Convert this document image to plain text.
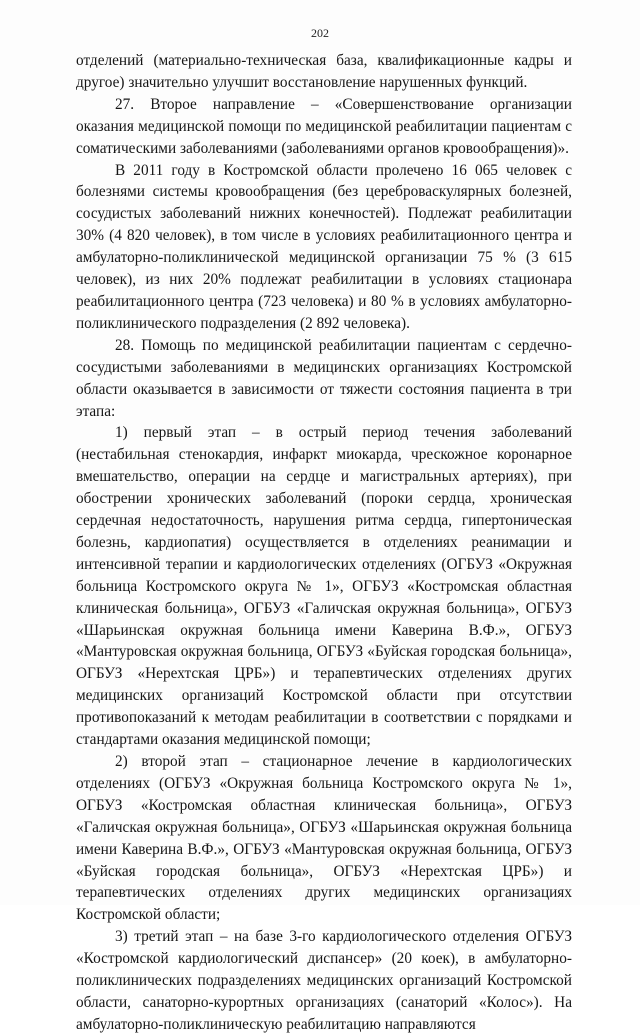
202

отделений (материально-техническая база, квалификационные кадры и другое) значительно улучшит восстановление нарушенных функций.

27. Второе направление – «Совершенствование организации оказания медицинской помощи по медицинской реабилитации пациентам с соматическими заболеваниями (заболеваниями органов кровообращения)».

В 2011 году в Костромской области пролечено 16 065 человек с болезнями системы кровообращения (без цереброваскулярных болезней, сосудистых заболеваний нижних конечностей). Подлежат реабилитации 30% (4 820 человек), в том числе в условиях реабилитационного центра и амбулаторно-поликлинической медицинской организации 75 % (3 615 человек), из них 20% подлежат реабилитации в условиях стационара реабилитационного центра (723 человека) и 80 % в условиях амбулаторно-поликлинического подразделения (2 892 человека).

28. Помощь по медицинской реабилитации пациентам с сердечно-сосудистыми заболеваниями в медицинских организациях Костромской области оказывается в зависимости от тяжести состояния пациента в три этапа:

1) первый этап – в острый период течения заболеваний (нестабильная стенокардия, инфаркт миокарда, чрескожное коронарное вмешательство, операции на сердце и магистральных артериях), при обострении хронических заболеваний (пороки сердца, хроническая сердечная недостаточность, нарушения ритма сердца, гипертоническая болезнь, кардиопатия) осуществляется в отделениях реанимации и интенсивной терапии и кардиологических отделениях (ОГБУЗ «Окружная больница Костромского округа № 1», ОГБУЗ «Костромская областная клиническая больница», ОГБУЗ «Галичская окружная больница», ОГБУЗ «Шарьинская окружная больница имени Каверина В.Ф.», ОГБУЗ «Мантуровская окружная больница, ОГБУЗ «Буйская городская больница», ОГБУЗ «Нерехтская ЦРБ») и терапевтических отделениях других медицинских организаций Костромской области при отсутствии противопоказаний к методам реабилитации в соответствии с порядками и стандартами оказания медицинской помощи;

2) второй этап – стационарное лечение в кардиологических отделениях (ОГБУЗ «Окружная больница Костромского округа № 1», ОГБУЗ «Костромская областная клиническая больница», ОГБУЗ «Галичская окружная больница», ОГБУЗ «Шарьинская окружная больница имени Каверина В.Ф.», ОГБУЗ «Мантуровская окружная больница, ОГБУЗ «Буйская городская больница», ОГБУЗ «Нерехтская ЦРБ») и терапевтических отделениях других медицинских организациях Костромской области;

3) третий этап – на базе 3-го кардиологического отделения ОГБУЗ «Костромской кардиологический диспансер» (20 коек), в амбулаторно-поликлинических подразделениях медицинских организаций Костромской области, санаторно-курортных организациях (санаторий «Колос»). На амбулаторно-поликлиническую реабилитацию направляются
